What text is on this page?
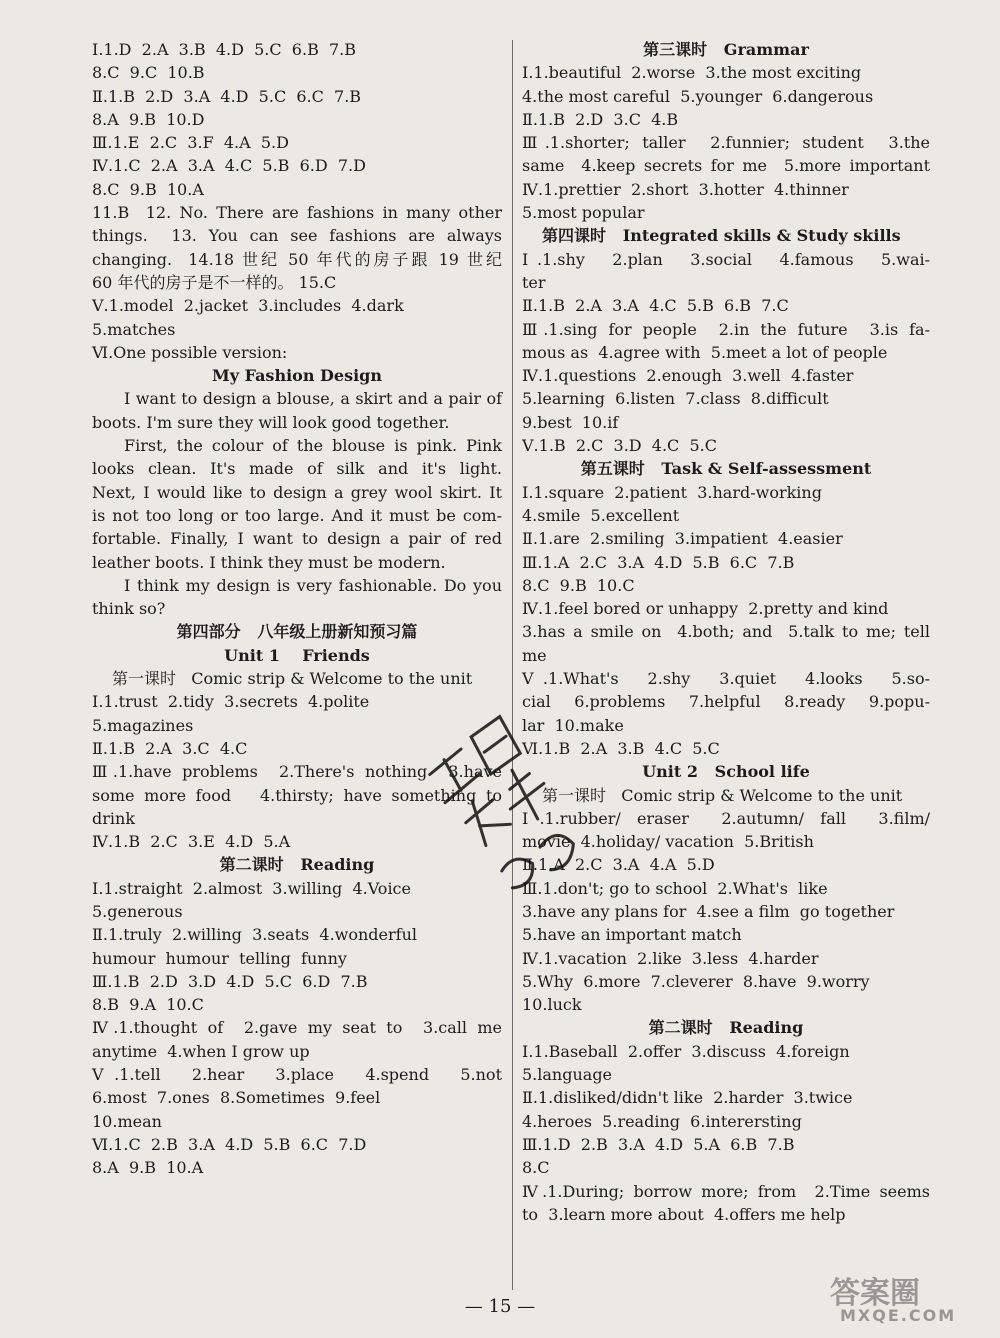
Ⅰ.1.D  2.A  3.B  4.D  5.C  6.B  7.B
8.C  9.C  10.B
Ⅱ.1.B  2.D  3.A  4.D  5.C  6.C  7.B
8.A  9.B  10.D
Ⅲ.1.E  2.C  3.F  4.A  5.D
Ⅳ.1.C  2.A  3.A  4.C  5.B  6.D  7.D
8.C  9.B  10.A
11.B  12. No. There are fashions in many other
things.  13. You can see fashions are always
changing.  14.18 世纪 50 年代的房子跟 19 世纪
60 年代的房子是不一样的。 15.C
Ⅴ.1.model  2.jacket  3.includes  4.dark
5.matches
Ⅵ.One possible version:
My Fashion Design
I want to design a blouse, a skirt and a pair of
boots. I'm sure they will look good together.
First, the colour of the blouse is pink. Pink
looks clean. It's made of silk and it's light.
Next, I would like to design a grey wool skirt. It
is not too long or too large. And it must be com-
fortable. Finally, I want to design a pair of red
leather boots. I think they must be modern.
I think my design is very fashionable. Do you
think so?
第四部分   八年级上册新知预习篇
Unit 1    Friends
第一课时   Comic strip & Welcome to the unit
Ⅰ.1.trust  2.tidy  3.secrets  4.polite
5.magazines
Ⅱ.1.B  2.A  3.C  4.C
Ⅲ.1.have problems  2.There's nothing  3.have
some more food   4.thirsty; have something to
drink
Ⅳ.1.B  2.C  3.E  4.D  5.A
第二课时   Reading
Ⅰ.1.straight  2.almost  3.willing  4.Voice
5.generous
Ⅱ.1.truly  2.willing  3.seats  4.wonderful
humour  humour  telling  funny
Ⅲ.1.B  2.D  3.D  4.D  5.C  6.D  7.B
8.B  9.A  10.C
Ⅳ.1.thought of  2.gave my seat to  3.call me
anytime  4.when I grow up
Ⅴ.1.tell  2.hear  3.place  4.spend  5.not
6.most  7.ones  8.Sometimes  9.feel
10.mean
Ⅵ.1.C  2.B  3.A  4.D  5.B  6.C  7.D
8.A  9.B  10.A
第三课时   Grammar
Ⅰ.1.beautiful  2.worse  3.the most exciting
4.the most careful  5.younger  6.dangerous
Ⅱ.1.B  2.D  3.C  4.B
Ⅲ.1.shorter; taller  2.funnier; student  3.the
same  4.keep secrets for me  5.more important
Ⅳ.1.prettier  2.short  3.hotter  4.thinner
5.most popular
第四课时   Integrated skills & Study skills
Ⅰ.1.shy  2.plan  3.social  4.famous  5.wai-
ter
Ⅱ.1.B  2.A  3.A  4.C  5.B  6.B  7.C
Ⅲ.1.sing for people  2.in the future  3.is fa-
mous as  4.agree with  5.meet a lot of people
Ⅳ.1.questions  2.enough  3.well  4.faster
5.learning  6.listen  7.class  8.difficult
9.best  10.if
Ⅴ.1.B  2.C  3.D  4.C  5.C
第五课时   Task & Self-assessment
Ⅰ.1.square  2.patient  3.hard-working
4.smile  5.excellent
Ⅱ.1.are  2.smiling  3.impatient  4.easier
Ⅲ.1.A  2.C  3.A  4.D  5.B  6.C  7.B
8.C  9.B  10.C
Ⅳ.1.feel bored or unhappy  2.pretty and kind
3.has a smile on  4.both; and  5.talk to me; tell
me
Ⅴ.1.What's  2.shy  3.quiet  4.looks  5.so-
cial  6.problems  7.helpful  8.ready  9.popu-
lar  10.make
Ⅵ.1.B  2.A  3.B  4.C  5.C
Unit 2   School life
第一课时   Comic strip & Welcome to the unit
Ⅰ.1.rubber/ eraser  2.autumn/ fall  3.film/
movie  4.holiday/ vacation  5.British
Ⅱ.1.A  2.C  3.A  4.A  5.D
Ⅲ.1.don't; go to school  2.What's  like
3.have any plans for  4.see a film  go together
5.have an important match
Ⅳ.1.vacation  2.like  3.less  4.harder
5.Why  6.more  7.cleverer  8.have  9.worry
10.luck
第二课时   Reading
Ⅰ.1.Baseball  2.offer  3.discuss  4.foreign
5.language
Ⅱ.1.disliked/didn't like  2.harder  3.twice
4.heroes  5.reading  6.interersting
Ⅲ.1.D  2.B  3.A  4.D  5.A  6.B  7.B
8.C
Ⅳ.1.During; borrow more; from  2.Time seems
to  3.learn more about  4.offers me help
— 15 —	答案圈
MXQE.COM
